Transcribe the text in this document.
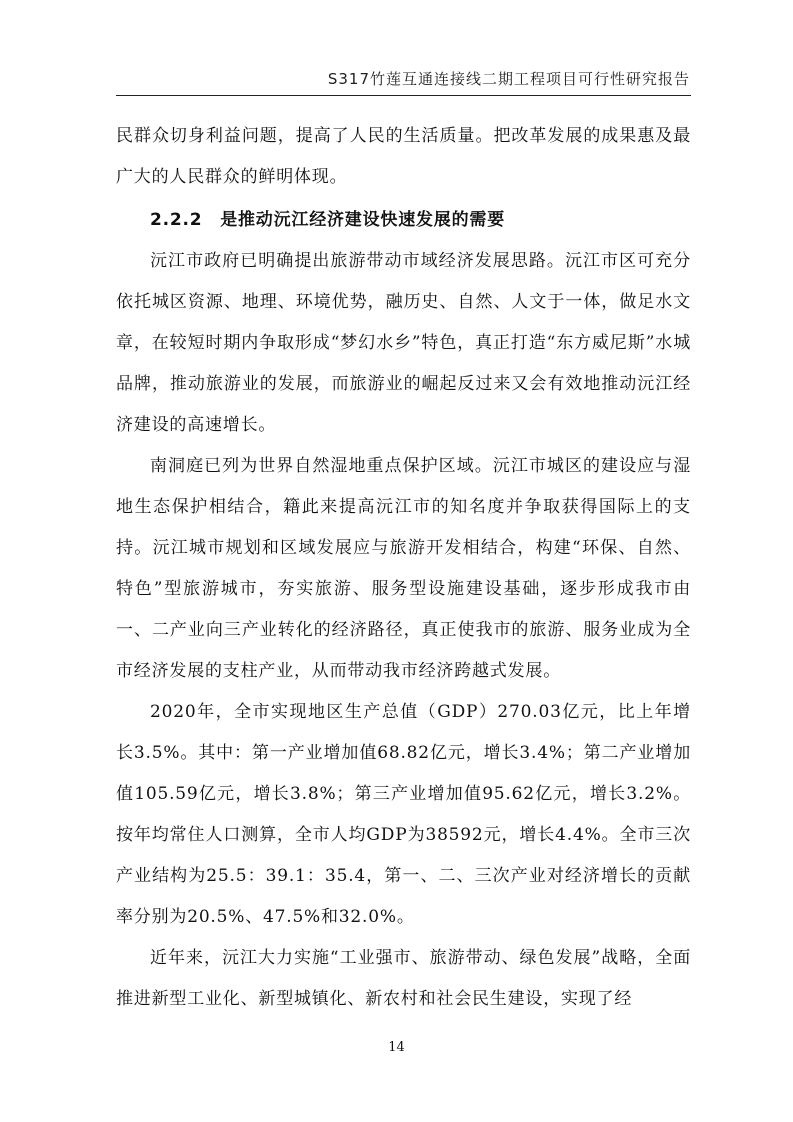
S317竹莲互通连接线二期工程项目可行性研究报告

民群众切身利益问题，提高了人民的生活质量。把改革发展的成果惠及最广大的人民群众的鲜明体现。

2.2.2　是推动沅江经济建设快速发展的需要

沅江市政府已明确提出旅游带动市域经济发展思路。沅江市区可充分依托城区资源、地理、环境优势，融历史、自然、人文于一体，做足水文章，在较短时期内争取形成“梦幻水乡”特色，真正打造“东方威尼斯”水城品牌，推动旅游业的发展，而旅游业的崛起反过来又会有效地推动沅江经济建设的高速增长。

南洞庭已列为世界自然湿地重点保护区域。沅江市城区的建设应与湿地生态保护相结合，籍此来提高沅江市的知名度并争取获得国际上的支持。沅江城市规划和区域发展应与旅游开发相结合，构建“环保、自然、特色”型旅游城市，夯实旅游、服务型设施建设基础，逐步形成我市由一、二产业向三产业转化的经济路径，真正使我市的旅游、服务业成为全市经济发展的支柱产业，从而带动我市经济跨越式发展。

2020年，全市实现地区生产总值（GDP）270.03亿元，比上年增长3.5%。其中：第一产业增加值68.82亿元，增长3.4%；第二产业增加值105.59亿元，增长3.8%；第三产业增加值95.62亿元，增长3.2%。按年均常住人口测算，全市人均GDP为38592元，增长4.4%。全市三次产业结构为25.5：39.1：35.4，第一、二、三次产业对经济增长的贡献率分别为20.5%、47.5%和32.0%。

近年来，沅江大力实施“工业强市、旅游带动、绿色发展”战略，全面推进新型工业化、新型城镇化、新农村和社会民生建设，实现了经

14
